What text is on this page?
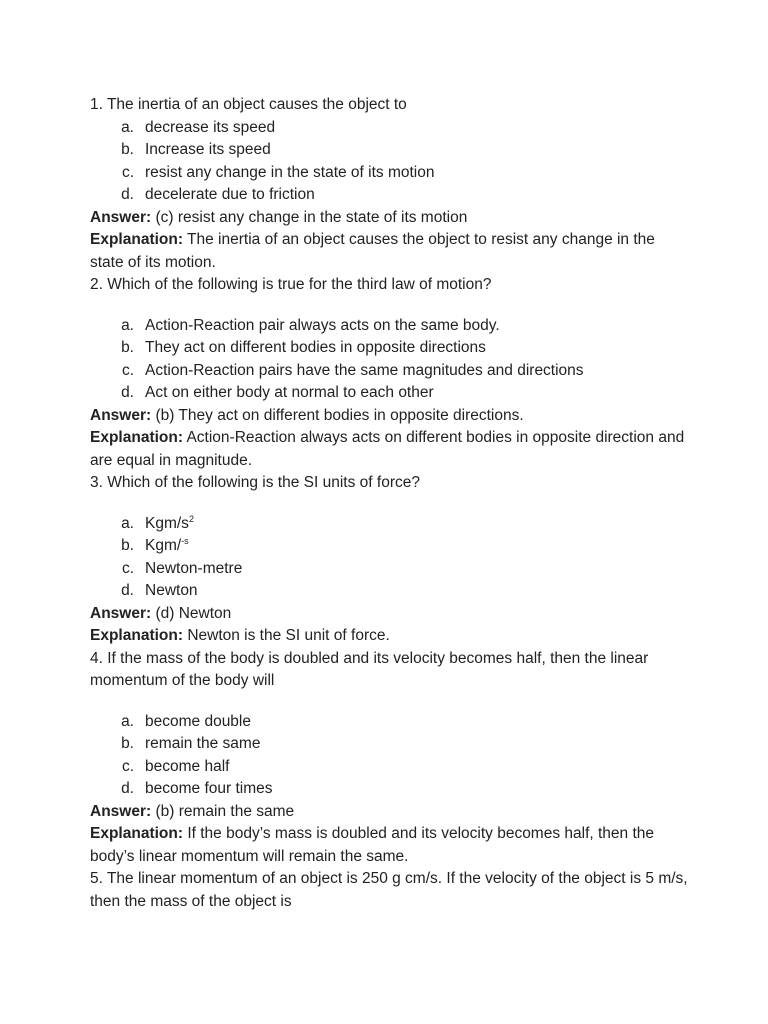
1. The inertia of an object causes the object to

a. decrease its speed
b. Increase its speed
c. resist any change in the state of its motion
d. decelerate due to friction

Answer: (c) resist any change in the state of its motion

Explanation: The inertia of an object causes the object to resist any change in the state of its motion.

2. Which of the following is true for the third law of motion?

a. Action-Reaction pair always acts on the same body.
b. They act on different bodies in opposite directions
c. Action-Reaction pairs have the same magnitudes and directions
d. Act on either body at normal to each other

Answer: (b) They act on different bodies in opposite directions.

Explanation: Action-Reaction always acts on different bodies in opposite direction and are equal in magnitude.

3. Which of the following is the SI units of force?

a. Kgm/$s^2$
b. Kgm/$^{-s}$
c. Newton-metre
d. Newton

Answer: (d) Newton

Explanation: Newton is the SI unit of force.

4. If the mass of the body is doubled and its velocity becomes half, then the linear momentum of the body will

a. become double
b. remain the same
c. become half
d. become four times

Answer: (b) remain the same

Explanation: If the body’s mass is doubled and its velocity becomes half, then the body’s linear momentum will remain the same.

5. The linear momentum of an object is 250 g cm/s. If the velocity of the object is 5 m/s, then the mass of the object is
